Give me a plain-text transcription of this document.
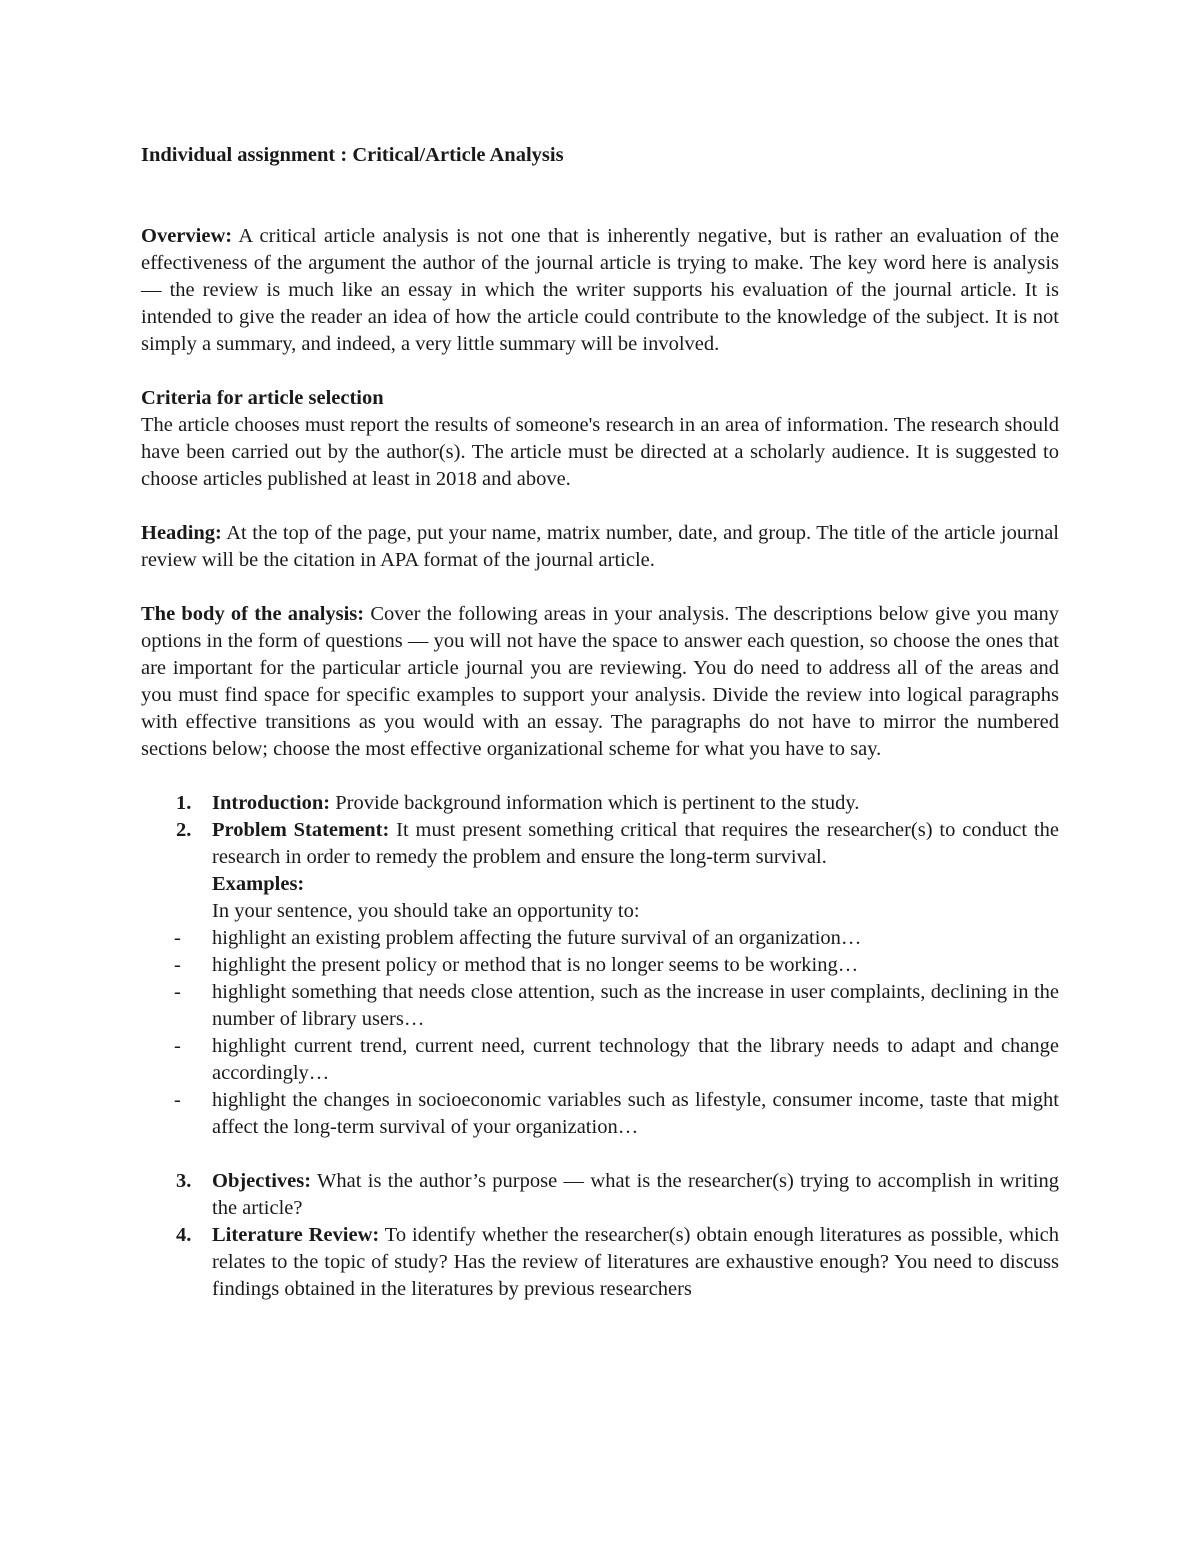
Individual assignment : Critical/Article Analysis

Overview: A critical article analysis is not one that is inherently negative, but is rather an evaluation of the effectiveness of the argument the author of the journal article is trying to make. The key word here is analysis — the review is much like an essay in which the writer supports his evaluation of the journal article. It is intended to give the reader an idea of how the article could contribute to the knowledge of the subject. It is not simply a summary, and indeed, a very little summary will be involved.

Criteria for article selection

The article chooses must report the results of someone's research in an area of information. The research should have been carried out by the author(s). The article must be directed at a scholarly audience. It is suggested to choose articles published at least in 2018 and above.

Heading: At the top of the page, put your name, matrix number, date, and group. The title of the article journal review will be the citation in APA format of the journal article.

The body of the analysis: Cover the following areas in your analysis. The descriptions below give you many options in the form of questions — you will not have the space to answer each question, so choose the ones that are important for the particular article journal you are reviewing. You do need to address all of the areas and you must find space for specific examples to support your analysis. Divide the review into logical paragraphs with effective transitions as you would with an essay. The paragraphs do not have to mirror the numbered sections below; choose the most effective organizational scheme for what you have to say.

1. Introduction: Provide background information which is pertinent to the study.
2. Problem Statement: It must present something critical that requires the researcher(s) to conduct the research in order to remedy the problem and ensure the long-term survival.
Examples:
In your sentence, you should take an opportunity to:
- highlight an existing problem affecting the future survival of an organization…
- highlight the present policy or method that is no longer seems to be working…
- highlight something that needs close attention, such as the increase in user complaints, declining in the number of library users…
- highlight current trend, current need, current technology that the library needs to adapt and change accordingly…
- highlight the changes in socioeconomic variables such as lifestyle, consumer income, taste that might affect the long-term survival of your organization…
3. Objectives: What is the author’s purpose — what is the researcher(s) trying to accomplish in writing the article?
4. Literature Review: To identify whether the researcher(s) obtain enough literatures as possible, which relates to the topic of study? Has the review of literatures are exhaustive enough? You need to discuss findings obtained in the literatures by previous researchers
